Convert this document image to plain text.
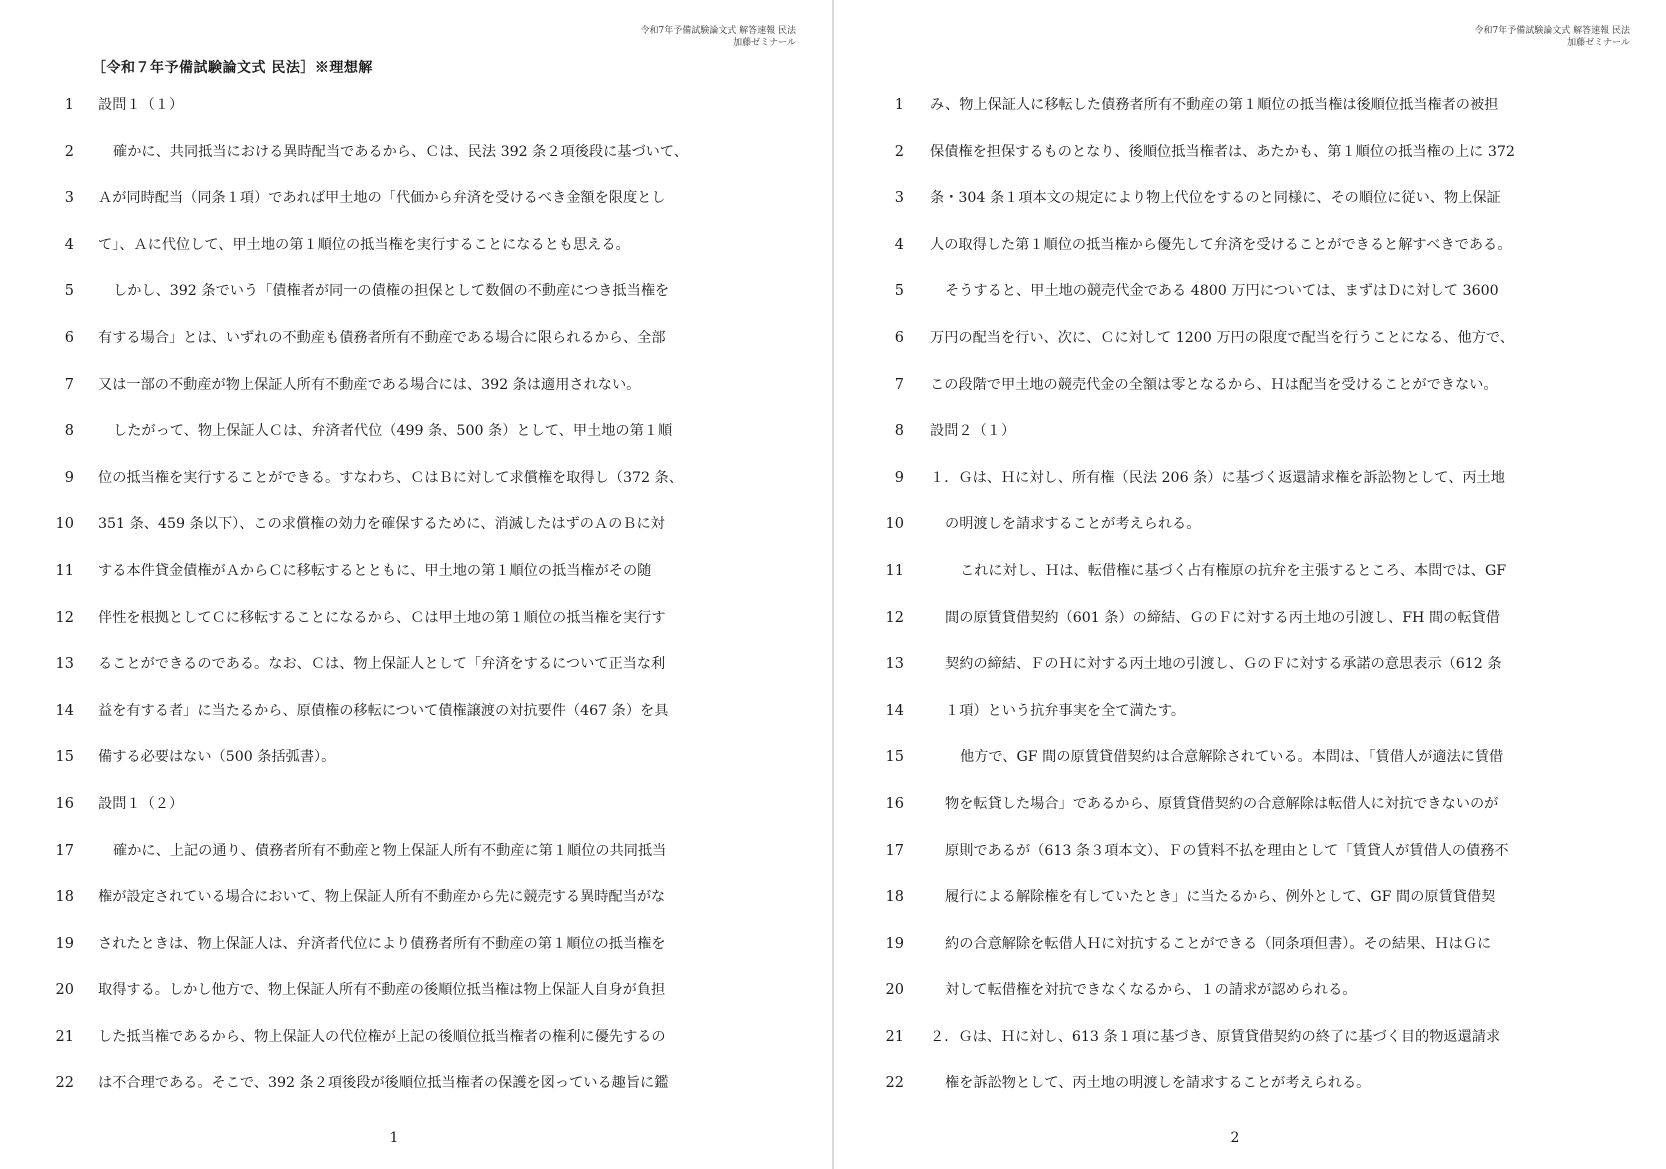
令和7年予備試験論文式 解答速報 民法
加藤ゼミナール
［令和７年予備試験論文式 民法］※理想解
1 設問１（１）
2	確かに、共同抵当における異時配当であるから、Ｃは、民法 392 条２項後段に基づいて、
3 Ａが同時配当（同条１項）であれば甲土地の「代価から弁済を受けるべき金額を限度とし
4 て」、Ａに代位して、甲土地の第１順位の抵当権を実行することになるとも思える。
5	しかし、392 条でいう「債権者が同一の債権の担保として数個の不動産につき抵当権を
6 有する場合」とは、いずれの不動産も債務者所有不動産である場合に限られるから、全部
7 又は一部の不動産が物上保証人所有不動産である場合には、392 条は適用されない。
8	したがって、物上保証人Ｃは、弁済者代位（499 条、500 条）として、甲土地の第１順
9 位の抵当権を実行することができる。すなわち、ＣはＢに対して求償権を取得し（372 条、
10 351 条、459 条以下）、この求償権の効力を確保するために、消滅したはずのＡのＢに対
11 する本件貸金債権がＡからＣに移転するとともに、甲土地の第１順位の抵当権がその随
12 伴性を根拠としてＣに移転することになるから、Ｃは甲土地の第１順位の抵当権を実行す
13 ることができるのである。なお、Ｃは、物上保証人として「弁済をするについて正当な利
14 益を有する者」に当たるから、原債権の移転について債権譲渡の対抗要件（467 条）を具
15 備する必要はない（500 条括弧書）。
16 設問１（２）
17	確かに、上記の通り、債務者所有不動産と物上保証人所有不動産に第１順位の共同抵当
18 権が設定されている場合において、物上保証人所有不動産から先に競売する異時配当がな
19 されたときは、物上保証人は、弁済者代位により債務者所有不動産の第１順位の抵当権を
20 取得する。しかし他方で、物上保証人所有不動産の後順位抵当権は物上保証人自身が負担
21 した抵当権であるから、物上保証人の代位権が上記の後順位抵当権者の権利に優先するの
22 は不合理である。そこで、392 条２項後段が後順位抵当権者の保護を図っている趣旨に鑑
1
令和7年予備試験論文式 解答速報 民法
加藤ゼミナール
1 み、物上保証人に移転した債務者所有不動産の第１順位の抵当権は後順位抵当権者の被担
2 保債権を担保するものとなり、後順位抵当権者は、あたかも、第１順位の抵当権の上に 372
3 条・304 条１項本文の規定により物上代位をするのと同様に、その順位に従い、物上保証
4 人の取得した第１順位の抵当権から優先して弁済を受けることができると解すべきである。
5	そうすると、甲土地の競売代金である 4800 万円については、まずはＤに対して 3600
6 万円の配当を行い、次に、Ｃに対して 1200 万円の限度で配当を行うことになる、他方で、
7 この段階で甲土地の競売代金の全額は零となるから、Ｈは配当を受けることができない。
8 設問２（１）
9 １．Ｇは、Ｈに対し、所有権（民法 206 条）に基づく返還請求権を訴訟物として、丙土地
10	の明渡しを請求することが考えられる。
11	これに対し、Ｈは、転借権に基づく占有権原の抗弁を主張するところ、本問では、GF
12	間の原賃貸借契約（601 条）の締結、ＧのＦに対する丙土地の引渡し、FH 間の転貸借
13	契約の締結、ＦのＨに対する丙土地の引渡し、ＧのＦに対する承諾の意思表示（612 条
14	１項）という抗弁事実を全て満たす。
15	他方で、GF 間の原賃貸借契約は合意解除されている。本問は、「賃借人が適法に賃借
16	物を転貸した場合」であるから、原賃貸借契約の合意解除は転借人に対抗できないのが
17	原則であるが（613 条３項本文）、Ｆの賃料不払を理由として「賃貸人が賃借人の債務不
18	履行による解除権を有していたとき」に当たるから、例外として、GF 間の原賃貸借契
19	約の合意解除を転借人Ｈに対抗することができる（同条項但書）。その結果、ＨはＧに
20	対して転借権を対抗できなくなるから、１の請求が認められる。
21 ２．Ｇは、Ｈに対し、613 条１項に基づき、原賃貸借契約の終了に基づく目的物返還請求
22	権を訴訟物として、丙土地の明渡しを請求することが考えられる。
2
